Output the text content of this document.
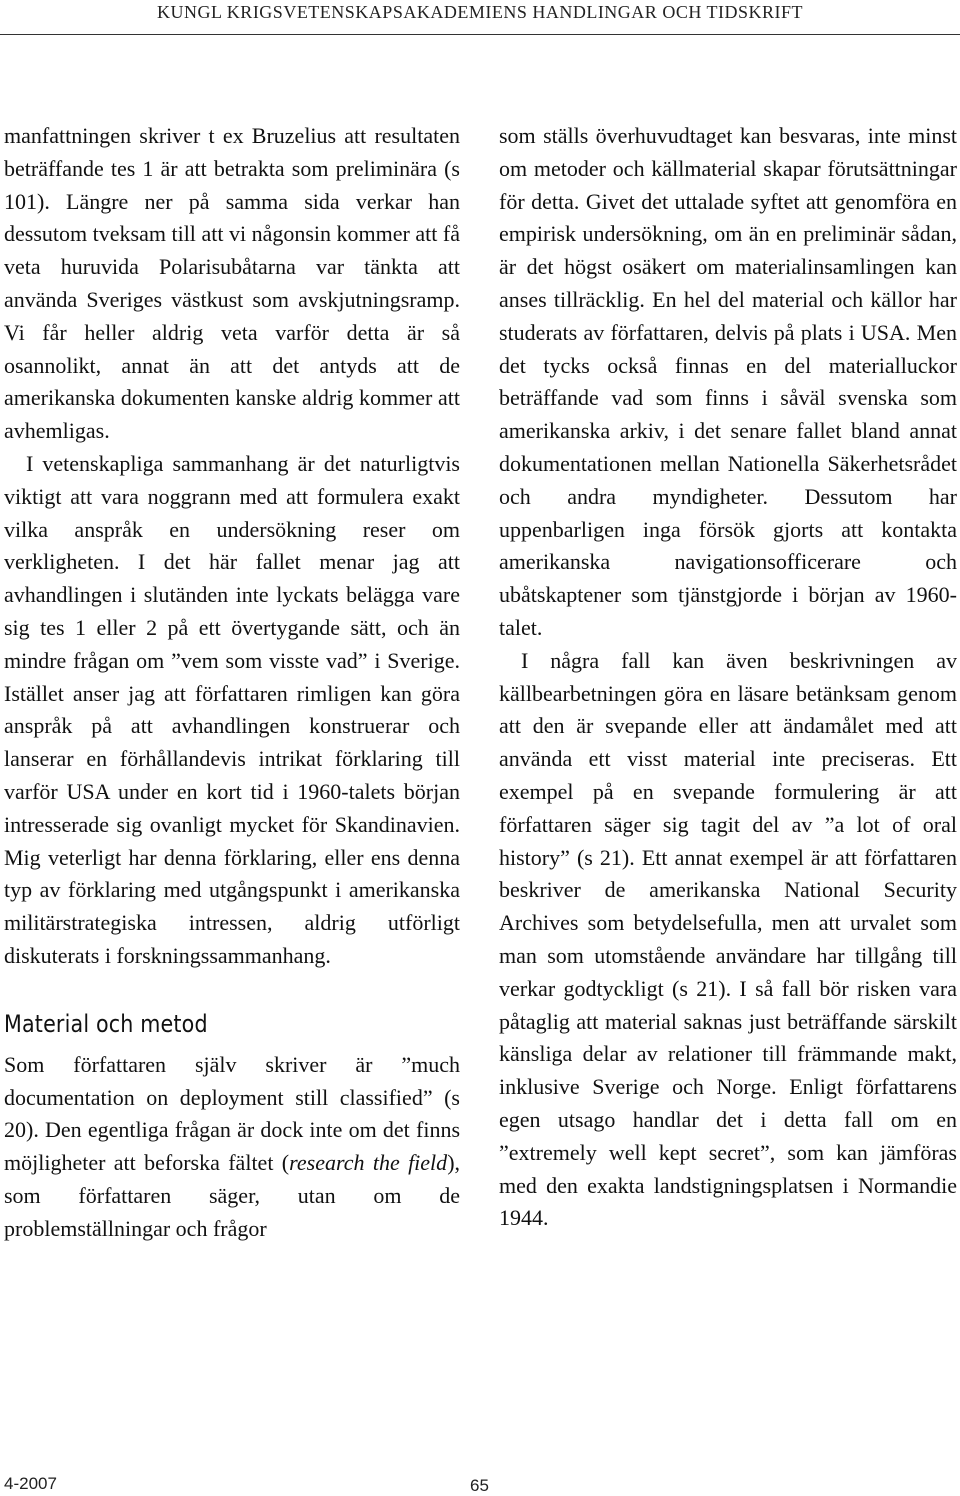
KUNGL KRIGSVETENSKAPSAKADEMIENS HANDLINGAR OCH TIDSKRIFT

manfattningen skriver t ex Bruzelius att resultaten beträffande tes 1 är att betrakta som preliminära (s 101). Längre ner på samma sida verkar han dessutom tveksam till att vi någonsin kommer att få veta huruvida Polarisubåtarna var tänkta att använda Sveriges västkust som avskjutningsramp. Vi får heller aldrig veta varför detta är så osannolikt, annat än att det antyds att de amerikanska dokumenten kanske aldrig kommer att avhemligas.

I vetenskapliga sammanhang är det naturligtvis viktigt att vara noggrann med att formulera exakt vilka anspråk en undersökning reser om verkligheten. I det här fallet menar jag att avhandlingen i slutänden inte lyckats belägga vare sig tes 1 eller 2 på ett övertygande sätt, och än mindre frågan om ”vem som visste vad” i Sverige. Istället anser jag att författaren rimligen kan göra anspråk på att avhandlingen konstruerar och lanserar en förhållandevis intrikat förklaring till varför USA under en kort tid i 1960-talets början intresserade sig ovanligt mycket för Skandinavien. Mig veterligt har denna förklaring, eller ens denna typ av förklaring med utgångspunkt i amerikanska militärstrategiska intressen, aldrig utförligt diskuterats i forskningssammanhang.

Material och metod

Som författaren själv skriver är ”much documentation on deployment still classified” (s 20). Den egentliga frågan är dock inte om det finns möjligheter att beforska fältet (research the field), som författaren säger, utan om de problemställningar och frågor

som ställs överhuvudtaget kan besvaras, inte minst om metoder och källmaterial skapar förutsättningar för detta. Givet det uttalade syftet att genomföra en empirisk undersökning, om än en preliminär sådan, är det högst osäkert om materialinsamlingen kan anses tillräcklig. En hel del material och källor har studerats av författaren, delvis på plats i USA. Men det tycks också finnas en del materialluckor beträffande vad som finns i såväl svenska som amerikanska arkiv, i det senare fallet bland annat dokumentationen mellan Nationella Säkerhetsrådet och andra myndigheter. Dessutom har uppenbarligen inga försök gjorts att kontakta amerikanska navigationsofficerare och ubåtskaptener som tjänstgjorde i början av 1960-talet.

I några fall kan även beskrivningen av källbearbetningen göra en läsare betänksam genom att den är svepande eller att ändamålet med att använda ett visst material inte preciseras. Ett exempel på en svepande formulering är att författaren säger sig tagit del av ”a lot of oral history” (s 21). Ett annat exempel är att författaren beskriver de amerikanska National Security Archives som betydelsefulla, men att urvalet som man som utomstående användare har tillgång till verkar godtyckligt (s 21). I så fall bör risken vara påtaglig att material saknas just beträffande särskilt känsliga delar av relationer till främmande makt, inklusive Sverige och Norge. Enligt författarens egen utsago handlar det i detta fall om en ”extremely well kept secret”, som kan jämföras med den exakta landstigningsplatsen i Normandie 1944.

4-2007	65
